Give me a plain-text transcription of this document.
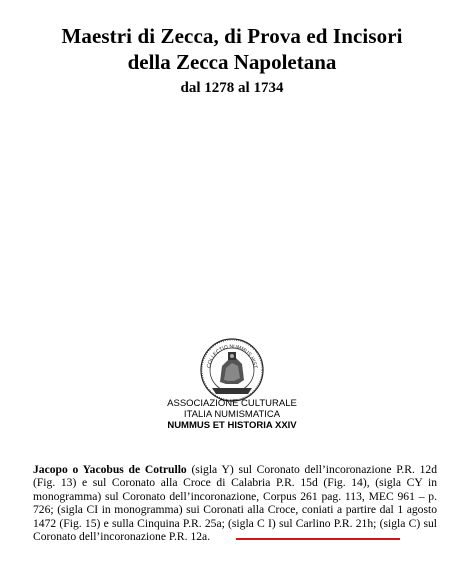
Maestri di Zecca, di Prova ed Incisori
della Zecca Napoletana
dal 1278 al 1734
COLLECTIO NUMMUS HIST
ASSOCIAZIONE CULTURALE
ITALIA NUMISMATICA
NUMMUS ET HISTORIA XXIV
Jacopo o Yacobus de Cotrullo (sigla Y) sul Coronato dell’incoronazione P.R. 12d (Fig. 13) e sul Coronato alla Croce di Calabria P.R. 15d (Fig. 14), (sigla CY in monogramma) sul Coronato dell’incoronazione, Corpus 261 pag. 113, MEC 961 – p. 726; (sigla CI in monogramma) sui Coronati alla Croce, coniati a partire dal 1 agosto 1472 (Fig. 15) e sulla Cinquina P.R. 25a; (sigla C I) sul Carlino P.R. 21h; (sigla C) sul Coronato dell’incoronazione P.R. 12a.
